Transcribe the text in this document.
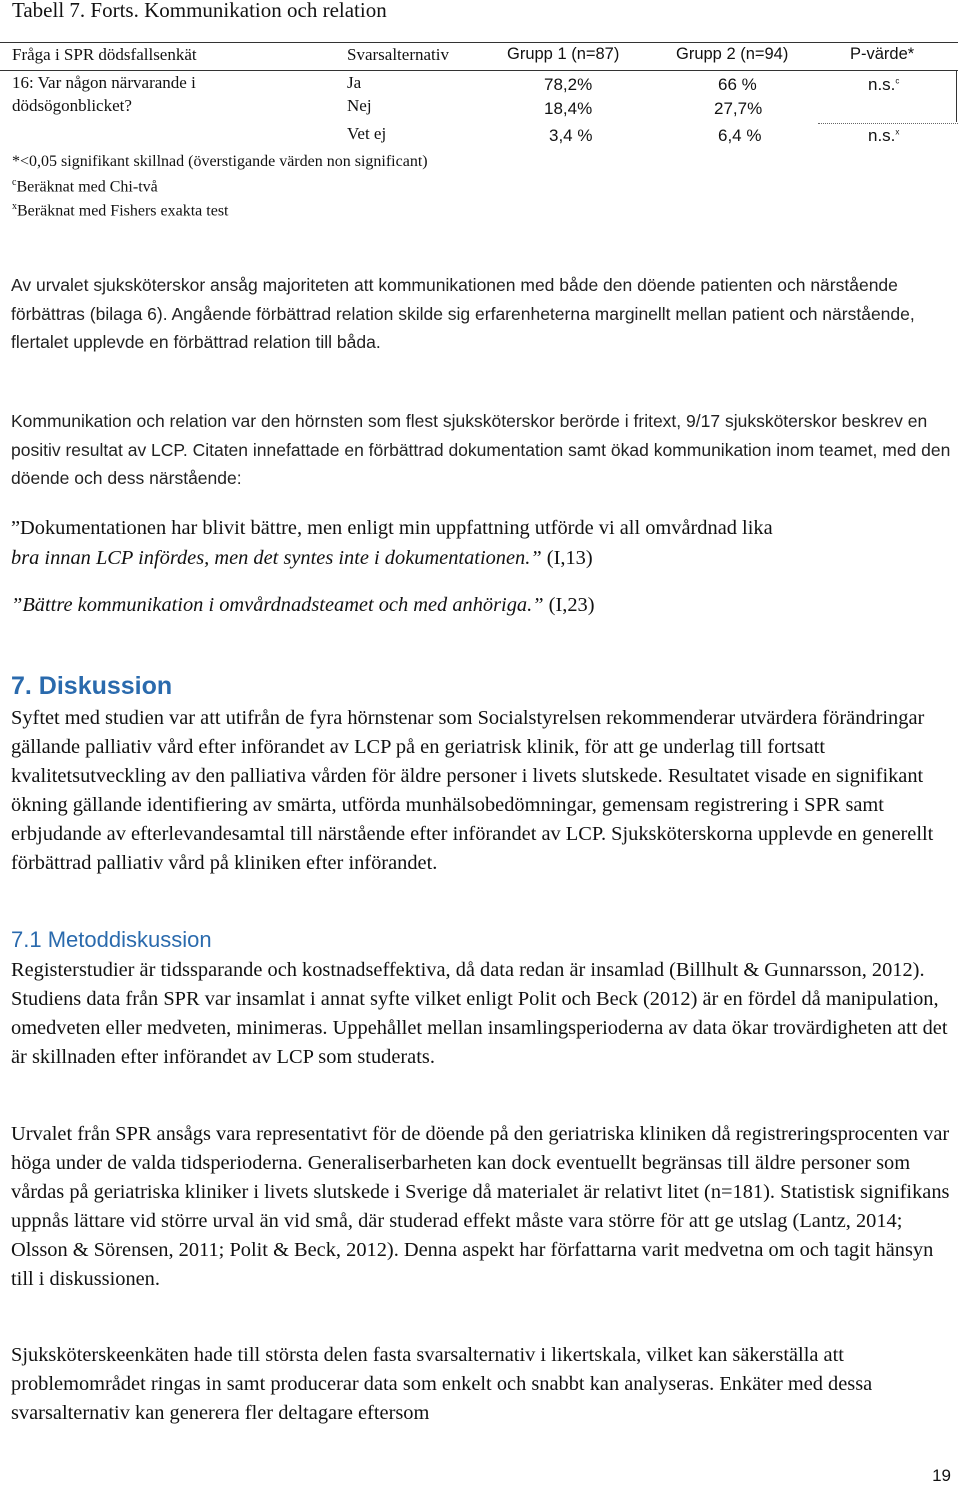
Tabell 7. Forts. Kommunikation och relation
Fråga i SPR dödsfallsenkät	Svarsalternativ	Grupp 1 (n=87)	Grupp 2 (n=94)	P-värde*
16: Var någon närvarande i
dödsögonblicket?
Ja	78,2%	66 %	n.s.$^c$
Nej	18,4%	27,7%
Vet ej	3,4 %	6,4 %	n.s.$^x$
*<0,05 signifikant skillnad (överstigande värden non significant)
$^c$Beräknat med Chi-två
$^x$Beräknat med Fishers exakta test

Av urvalet sjuksköterskor ansåg majoriteten att kommunikationen med både den döende patienten och närstående förbättras (bilaga 6). Angående förbättrad relation skilde sig erfarenheterna marginellt mellan patient och närstående, flertalet upplevde en förbättrad relation till båda.

Kommunikation och relation var den hörnsten som flest sjuksköterskor berörde i fritext, 9/17 sjuksköterskor beskrev en positiv resultat av LCP. Citaten innefattade en förbättrad dokumentation samt ökad kommunikation inom teamet, med den döende och dess närstående:

”Dokumentationen har blivit bättre, men enligt min uppfattning utförde vi all omvårdnad lika
bra innan LCP infördes, men det syntes inte i dokumentationen.” (I,13)

”Bättre kommunikation i omvårdnadsteamet och med anhöriga.” (I,23)

7. Diskussion

Syftet med studien var att utifrån de fyra hörnstenar som Socialstyrelsen rekommenderar utvärdera förändringar gällande palliativ vård efter införandet av LCP på en geriatrisk klinik, för att ge underlag till fortsatt kvalitetsutveckling av den palliativa vården för äldre personer i livets slutskede. Resultatet visade en signifikant ökning gällande identifiering av smärta, utförda munhälsobedömningar, gemensam registrering i SPR samt erbjudande av efterlevandesamtal till närstående efter införandet av LCP. Sjuksköterskorna upplevde en generellt förbättrad palliativ vård på kliniken efter införandet.

7.1 Metoddiskussion

Registerstudier är tidssparande och kostnadseffektiva, då data redan är insamlad (Billhult & Gunnarsson, 2012). Studiens data från SPR var insamlat i annat syfte vilket enligt Polit och Beck (2012) är en fördel då manipulation, omedveten eller medveten, minimeras. Uppehållet mellan insamlingsperioderna av data ökar trovärdigheten att det är skillnaden efter införandet av LCP som studerats.

Urvalet från SPR ansågs vara representativt för de döende på den geriatriska kliniken då registreringsprocenten var höga under de valda tidsperioderna. Generaliserbarheten kan dock eventuellt begränsas till äldre personer som vårdas på geriatriska kliniker i livets slutskede i Sverige då materialet är relativt litet (n=181). Statistisk signifikans uppnås lättare vid större urval än vid små, där studerad effekt måste vara större för att ge utslag (Lantz, 2014; Olsson & Sörensen, 2011; Polit & Beck, 2012). Denna aspekt har författarna varit medvetna om och tagit hänsyn till i diskussionen.

Sjuksköterskeenkäten hade till största delen fasta svarsalternativ i likertskala, vilket kan säkerställa att problemområdet ringas in samt producerar data som enkelt och snabbt kan analyseras. Enkäter med dessa svarsalternativ kan generera fler deltagare eftersom

19
